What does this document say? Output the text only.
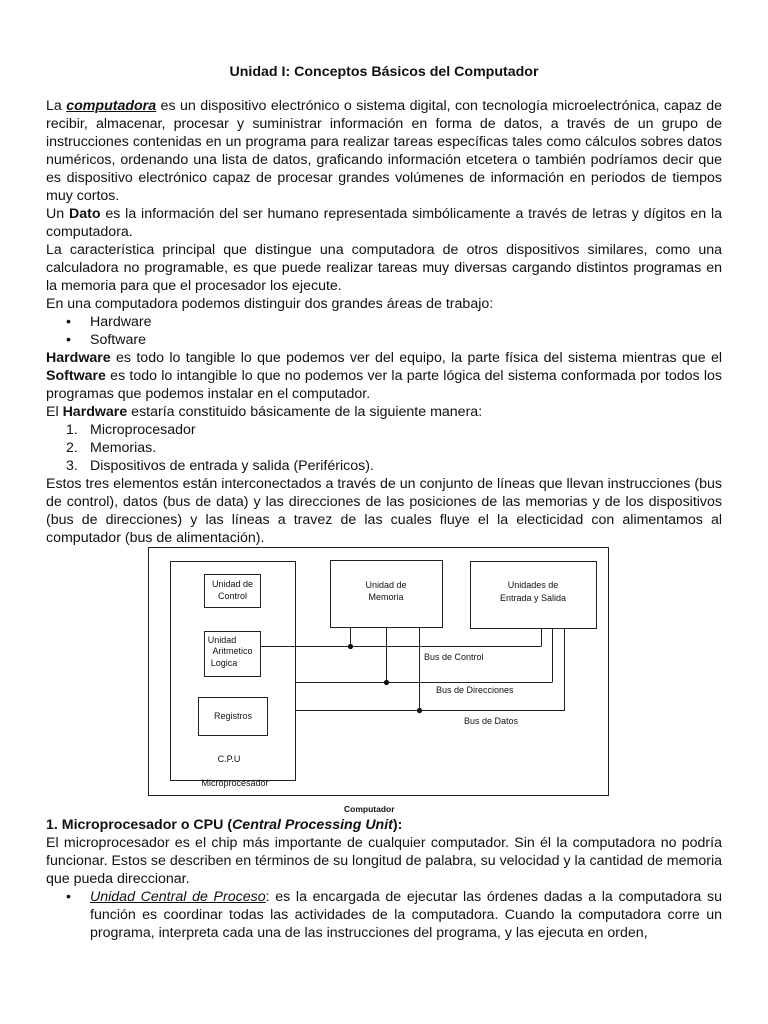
Unidad I: Conceptos Básicos del Computador
La computadora es un dispositivo electrónico o sistema digital, con tecnología microelectrónica, capaz de recibir, almacenar, procesar y suministrar información en forma de datos, a través de un grupo de instrucciones contenidas en un programa para realizar tareas específicas tales como cálculos sobres datos numéricos, ordenando una lista de datos, graficando información etcetera o también podríamos decir que es dispositivo electrónico capaz de procesar grandes volúmenes de información en periodos de tiempos muy cortos.
Un Dato es la información del ser humano representada simbólicamente a través de letras y dígitos en la computadora.
La característica principal que distingue una computadora de otros dispositivos similares, como una calculadora no programable, es que puede realizar tareas muy diversas cargando distintos programas en la memoria para que el procesador los ejecute.
En una computadora podemos distinguir dos grandes áreas de trabajo:
• Hardware
• Software
Hardware es todo lo tangible lo que podemos ver del equipo, la parte física del sistema mientras que el Software es todo lo intangible lo que no podemos ver la parte lógica del sistema conformada por todos los programas que podemos instalar en el computador.
El Hardware estaría constituido básicamente de la siguiente manera:
1. Microprocesador
2. Memorias.
3. Dispositivos de entrada y salida (Periféricos).
Estos tres elementos están interconectados a través de un conjunto de líneas que llevan instrucciones (bus de control), datos (bus de data) y las direcciones de las posiciones de las memorias y de los dispositivos (bus de direcciones) y las líneas a travez de las cuales fluye el la electicidad con alimentamos al computador (bus de alimentación).
1. Microprocesador o CPU (Central Processing Unit):
El microprocesador es el chip más importante de cualquier computador. Sin él la computadora no podría funcionar. Estos se describen en términos de su longitud de palabra, su velocidad y la cantidad de memoria que pueda direccionar.
• Unidad Central de Proceso: es la encargada de ejecutar las órdenes dadas a la computadora su función es coordinar todas las actividades de la computadora. Cuando la computadora corre un programa, interpreta cada una de las instrucciones del programa, y las ejecuta en orden,
Unidad de
Control
Unidad
Aritmetico
Logica
Registros
C.P.U
Microprocesador
Unidad de
Memoria
Unidades de
Entrada y Salida
Bus de Control
Bus de Direcciones
Bus de Datos
Computador
